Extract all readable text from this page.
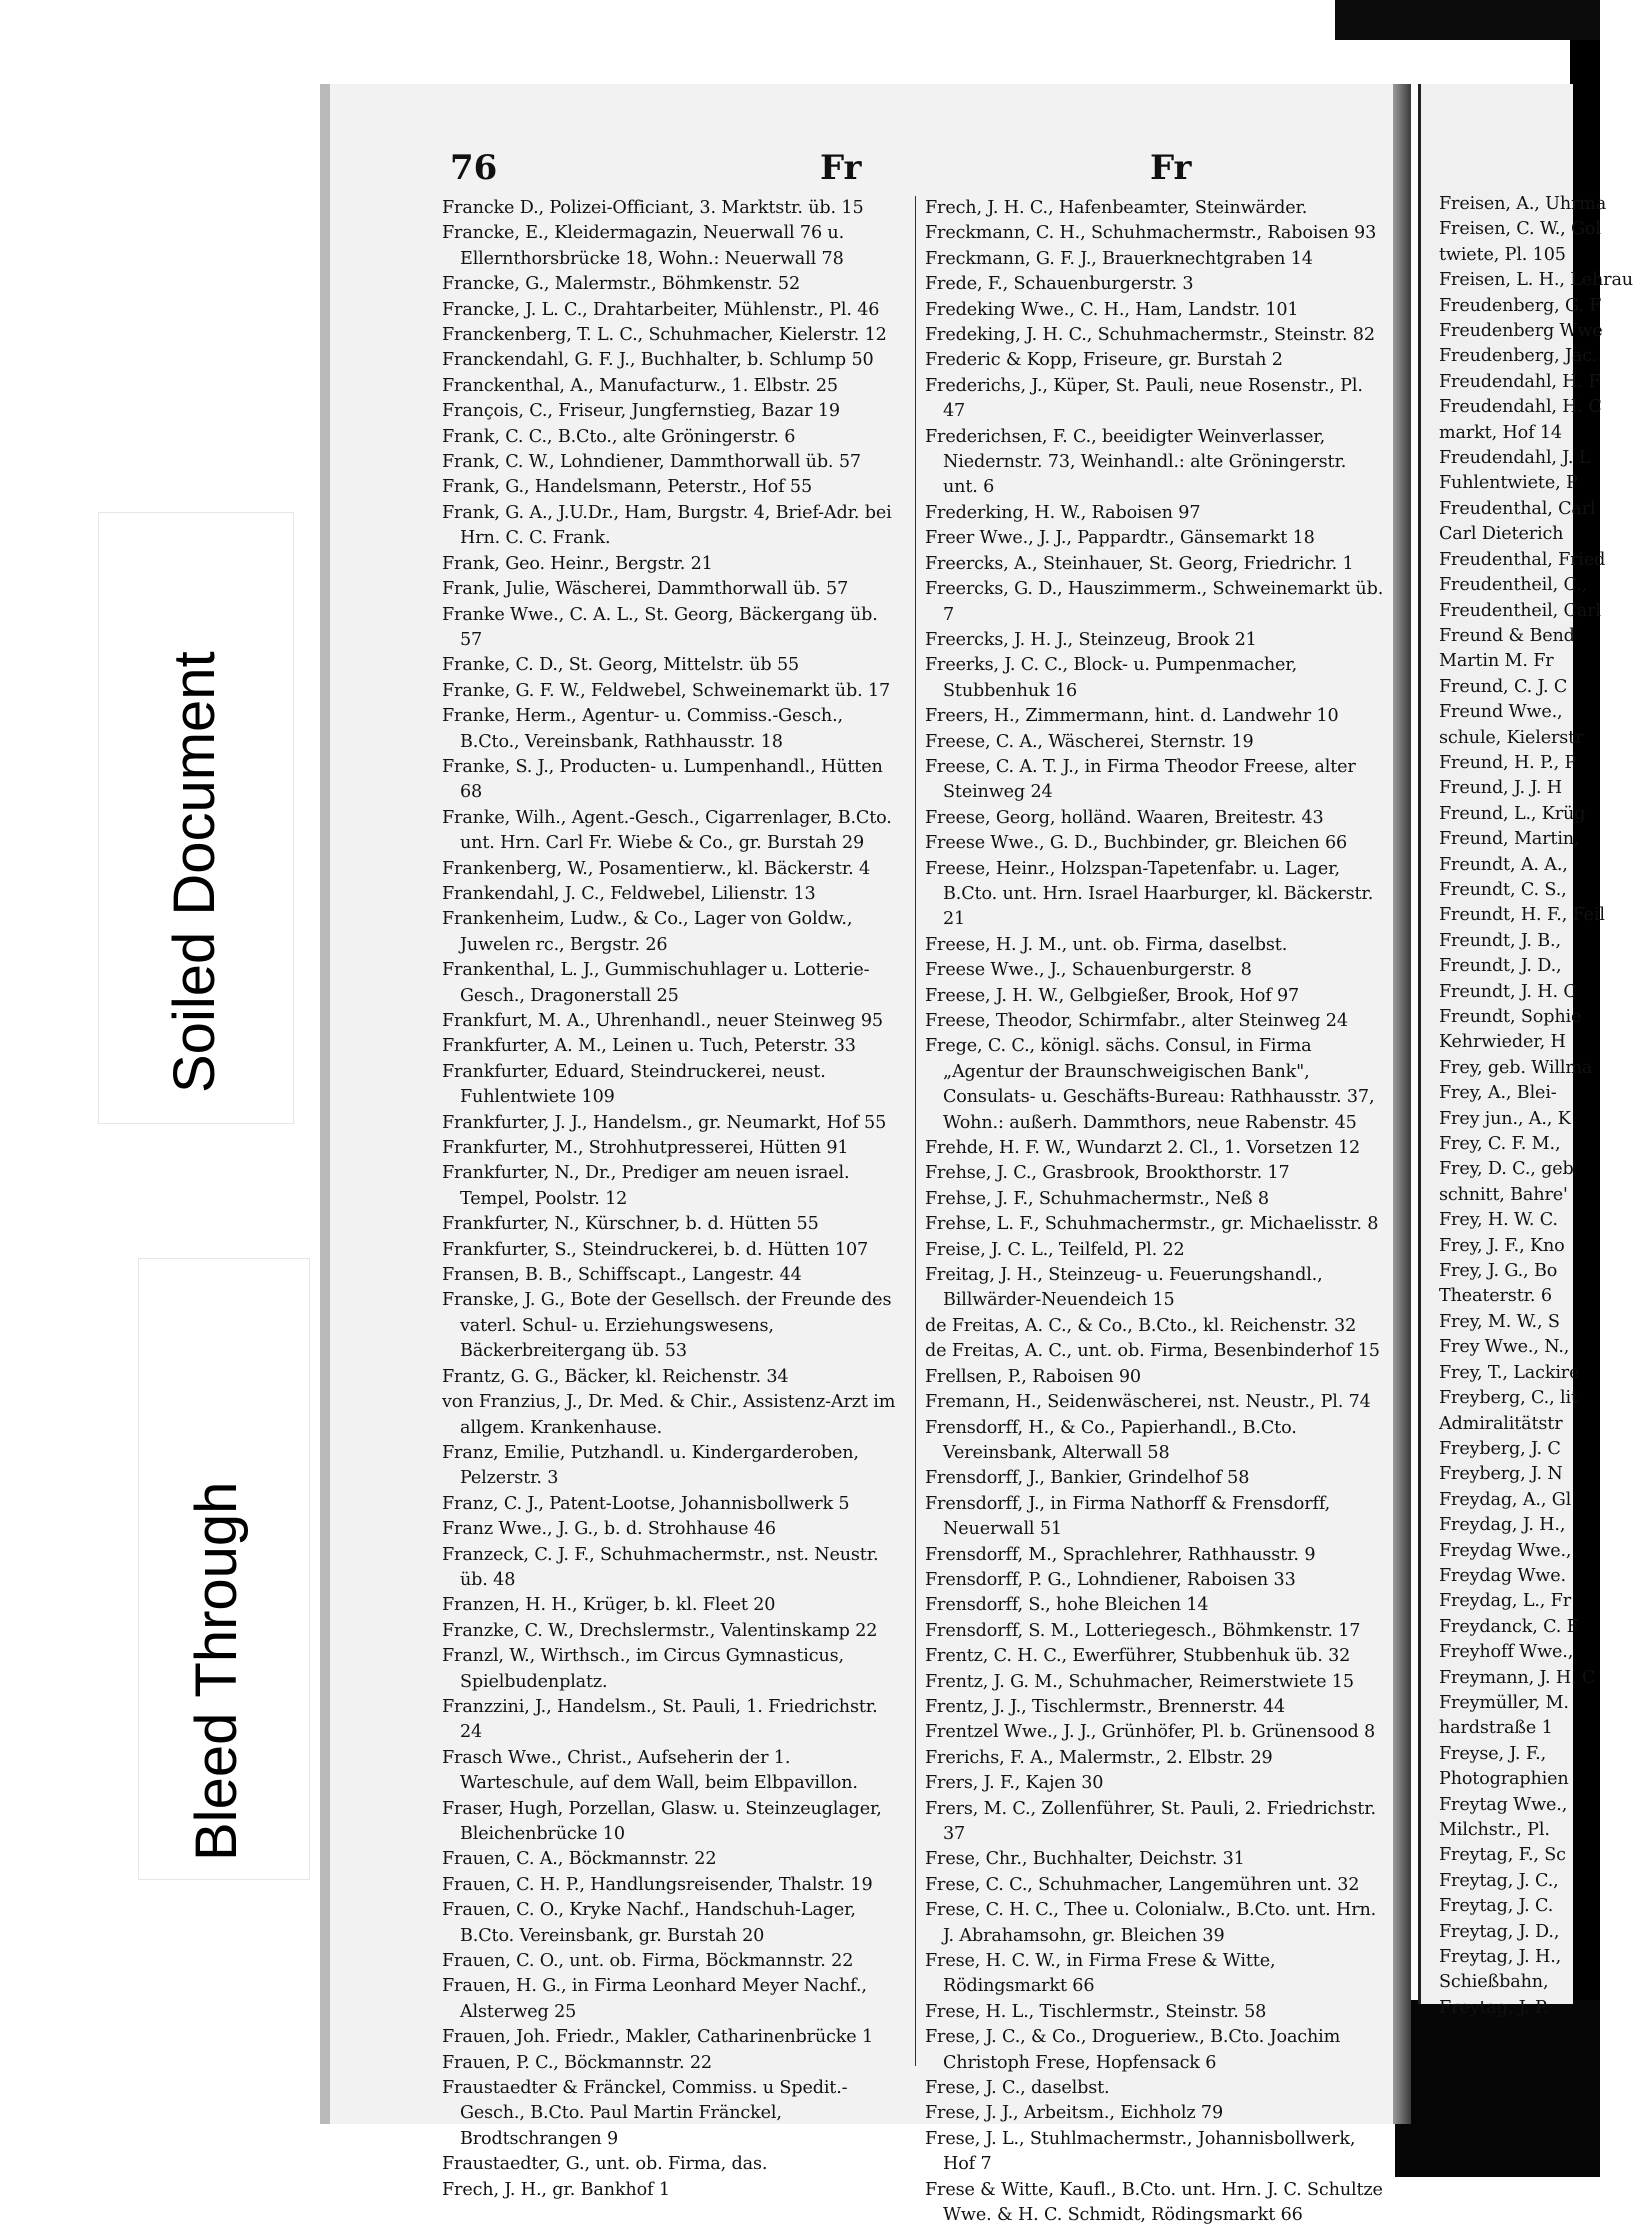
Soiled Document
Bleed Through
76	Fr	Fr

Francke D., Polizei-Officiant, 3. Marktstr. üb. 15

Francke, E., Kleidermagazin, Neuerwall 76 u. Ellernthorsbrücke 18, Wohn.: Neuerwall 78

Francke, G., Malermstr., Böhmkenstr. 52

Francke, J. L. C., Drahtarbeiter, Mühlenstr., Pl. 46

Franckenberg, T. L. C., Schuhmacher, Kielerstr. 12

Franckendahl, G. F. J., Buchhalter, b. Schlump 50

Franckenthal, A., Manufacturw., 1. Elbstr. 25

François, C., Friseur, Jungfernstieg, Bazar 19

Frank, C. C., B.Cto., alte Gröningerstr. 6

Frank, C. W., Lohndiener, Dammthorwall üb. 57

Frank, G., Handelsmann, Peterstr., Hof 55

Frank, G. A., J.U.Dr., Ham, Burgstr. 4, Brief-Adr. bei Hrn. C. C. Frank.

Frank, Geo. Heinr., Bergstr. 21

Frank, Julie, Wäscherei, Dammthorwall üb. 57

Franke Wwe., C. A. L., St. Georg, Bäckergang üb. 57

Franke, C. D., St. Georg, Mittelstr. üb 55

Franke, G. F. W., Feldwebel, Schweinemarkt üb. 17

Franke, Herm., Agentur- u. Commiss.-Gesch., B.Cto., Vereinsbank, Rathhausstr. 18

Franke, S. J., Producten- u. Lumpenhandl., Hütten 68

Franke, Wilh., Agent.-Gesch., Cigarrenlager, B.Cto. unt. Hrn. Carl Fr. Wiebe & Co., gr. Burstah 29

Frankenberg, W., Posamentierw., kl. Bäckerstr. 4

Frankendahl, J. C., Feldwebel, Lilienstr. 13

Frankenheim, Ludw., & Co., Lager von Goldw., Juwelen rc., Bergstr. 26

Frankenthal, L. J., Gummischuhlager u. Lotterie-Gesch., Dragonerstall 25

Frankfurt, M. A., Uhrenhandl., neuer Steinweg 95

Frankfurter, A. M., Leinen u. Tuch, Peterstr. 33

Frankfurter, Eduard, Steindruckerei, neust. Fuhlentwiete 109

Frankfurter, J. J., Handelsm., gr. Neumarkt, Hof 55

Frankfurter, M., Strohhutpresserei, Hütten 91

Frankfurter, N., Dr., Prediger am neuen israel. Tempel, Poolstr. 12

Frankfurter, N., Kürschner, b. d. Hütten 55

Frankfurter, S., Steindruckerei, b. d. Hütten 107

Fransen, B. B., Schiffscapt., Langestr. 44

Franske, J. G., Bote der Gesellsch. der Freunde des vaterl. Schul- u. Erziehungswesens, Bäckerbreitergang üb. 53

Frantz, G. G., Bäcker, kl. Reichenstr. 34

von Franzius, J., Dr. Med. & Chir., Assistenz-Arzt im allgem. Krankenhause.

Franz, Emilie, Putzhandl. u. Kindergarderoben, Pelzerstr. 3

Franz, C. J., Patent-Lootse, Johannisbollwerk 5

Franz Wwe., J. G., b. d. Strohhause 46

Franzeck, C. J. F., Schuhmachermstr., nst. Neustr. üb. 48

Franzen, H. H., Krüger, b. kl. Fleet 20

Franzke, C. W., Drechslermstr., Valentinskamp 22

Franzl, W., Wirthsch., im Circus Gymnasticus, Spielbudenplatz.

Franzzini, J., Handelsm., St. Pauli, 1. Friedrichstr. 24

Frasch Wwe., Christ., Aufseherin der 1. Warteschule, auf dem Wall, beim Elbpavillon.

Fraser, Hugh, Porzellan, Glasw. u. Steinzeuglager, Bleichenbrücke 10

Frauen, C. A., Böckmannstr. 22

Frauen, C. H. P., Handlungsreisender, Thalstr. 19

Frauen, C. O., Kryke Nachf., Handschuh-Lager, B.Cto. Vereinsbank, gr. Burstah 20

Frauen, C. O., unt. ob. Firma, Böckmannstr. 22

Frauen, H. G., in Firma Leonhard Meyer Nachf., Alsterweg 25

Frauen, Joh. Friedr., Makler, Catharinenbrücke 1

Frauen, P. C., Böckmannstr. 22

Fraustaedter & Fränckel, Commiss. u Spedit.-Gesch., B.Cto. Paul Martin Fränckel, Brodtschrangen 9

Fraustaedter, G., unt. ob. Firma, das.

Frech, J. H., gr. Bankhof 1

Frech, J. H. C., Hafenbeamter, Steinwärder.

Freckmann, C. H., Schuhmachermstr., Raboisen 93

Freckmann, G. F. J., Brauerknechtgraben 14

Frede, F., Schauenburgerstr. 3

Fredeking Wwe., C. H., Ham, Landstr. 101

Fredeking, J. H. C., Schuhmachermstr., Steinstr. 82

Frederic & Kopp, Friseure, gr. Burstah 2

Frederichs, J., Küper, St. Pauli, neue Rosenstr., Pl. 47

Frederichsen, F. C., beeidigter Weinverlasser, Niedernstr. 73, Weinhandl.: alte Gröningerstr. unt. 6

Frederking, H. W., Raboisen 97

Freer Wwe., J. J., Pappardtr., Gänsemarkt 18

Freercks, A., Steinhauer, St. Georg, Friedrichr. 1

Freercks, G. D., Hauszimmerm., Schweinemarkt üb. 7

Freercks, J. H. J., Steinzeug, Brook 21

Freerks, J. C. C., Block- u. Pumpenmacher, Stubbenhuk 16

Freers, H., Zimmermann, hint. d. Landwehr 10

Freese, C. A., Wäscherei, Sternstr. 19

Freese, C. A. T. J., in Firma Theodor Freese, alter Steinweg 24

Freese, Georg, holländ. Waaren, Breitestr. 43

Freese Wwe., G. D., Buchbinder, gr. Bleichen 66

Freese, Heinr., Holzspan-Tapetenfabr. u. Lager, B.Cto. unt. Hrn. Israel Haarburger, kl. Bäckerstr. 21

Freese, H. J. M., unt. ob. Firma, daselbst.

Freese Wwe., J., Schauenburgerstr. 8

Freese, J. H. W., Gelbgießer, Brook, Hof 97

Freese, Theodor, Schirmfabr., alter Steinweg 24

Frege, C. C., königl. sächs. Consul, in Firma „Agentur der Braunschweigischen Bank", Consulats- u. Geschäfts-Bureau: Rathhausstr. 37, Wohn.: außerh. Dammthors, neue Rabenstr. 45

Frehde, H. F. W., Wundarzt 2. Cl., 1. Vorsetzen 12

Frehse, J. C., Grasbrook, Brookthorstr. 17

Frehse, J. F., Schuhmachermstr., Neß 8

Frehse, L. F., Schuhmachermstr., gr. Michaelisstr. 8

Freise, J. C. L., Teilfeld, Pl. 22

Freitag, J. H., Steinzeug- u. Feuerungshandl., Billwärder-Neuendeich 15

de Freitas, A. C., & Co., B.Cto., kl. Reichenstr. 32

de Freitas, A. C., unt. ob. Firma, Besenbinderhof 15

Frellsen, P., Raboisen 90

Fremann, H., Seidenwäscherei, nst. Neustr., Pl. 74

Frensdorff, H., & Co., Papierhandl., B.Cto. Vereinsbank, Alterwall 58

Frensdorff, J., Bankier, Grindelhof 58

Frensdorff, J., in Firma Nathorff & Frensdorff, Neuerwall 51

Frensdorff, M., Sprachlehrer, Rathhausstr. 9

Frensdorff, P. G., Lohndiener, Raboisen 33

Frensdorff, S., hohe Bleichen 14

Frensdorff, S. M., Lotteriegesch., Böhmkenstr. 17

Frentz, C. H. C., Ewerführer, Stubbenhuk üb. 32

Frentz, J. G. M., Schuhmacher, Reimerstwiete 15

Frentz, J. J., Tischlermstr., Brennerstr. 44

Frentzel Wwe., J. J., Grünhöfer, Pl. b. Grünensood 8

Frerichs, F. A., Malermstr., 2. Elbstr. 29

Frers, J. F., Kajen 30

Frers, M. C., Zollenführer, St. Pauli, 2. Friedrichstr. 37

Frese, Chr., Buchhalter, Deichstr. 31

Frese, C. C., Schuhmacher, Langemühren unt. 32

Frese, C. H. C., Thee u. Colonialw., B.Cto. unt. Hrn. J. Abrahamsohn, gr. Bleichen 39

Frese, H. C. W., in Firma Frese & Witte, Rödingsmarkt 66

Frese, H. L., Tischlermstr., Steinstr. 58

Frese, J. C., & Co., Drogueriew., B.Cto. Joachim Christoph Frese, Hopfensack 6

Frese, J. C., daselbst.

Frese, J. J., Arbeitsm., Eichholz 79

Frese, J. L., Stuhlmachermstr., Johannisbollwerk, Hof 7

Frese & Witte, Kaufl., B.Cto. unt. Hrn. J. C. Schultze Wwe. & H. C. Schmidt, Rödingsmarkt 66

Freisen, A., Uhrma

Freisen, C. W., Gol

twiete, Pl. 105

Freisen, L. H., Lehrau

Freudenberg, G. F

Freudenberg Wwe

Freudenberg, Jac.

Freudendahl, H. F

Freudendahl, H. C

markt, Hof 14

Freudendahl, J. L

Fuhlentwiete, P

Freudenthal, Carl

Carl Dieterich

Freudenthal, Fried

Freudentheil, C.,

Freudentheil, Carl

Freund & Bend

Martin M. Fr

Freund, C. J. C

Freund Wwe.,

schule, Kielerstr

Freund, H. P., P

Freund, J. J. H

Freund, L., Krüg

Freund, Martin,

Freundt, A. A.,

Freundt, C. S.,

Freundt, H. F., Feil

Freundt, J. B.,

Freundt, J. D.,

Freundt, J. H. C

Freundt, Sophie

Kehrwieder, H

Frey, geb. Willma

Frey, A., Blei-

Frey jun., A., K

Frey, C. F. M.,

Frey, D. C., geb

schnitt, Bahre'

Frey, H. W. C.

Frey, J. F., Kno

Frey, J. G., Bo

Theaterstr. 6

Frey, M. W., S

Frey Wwe., N.,

Frey, T., Lackire

Freyberg, C., lit

Admiralitätstr

Freyberg, J. C

Freyberg, J. N

Freydag, A., Gl

Freydag, J. H.,

Freydag Wwe.,

Freydag Wwe.

Freydag, L., Fr

Freydanck, C. F

Freyhoff Wwe.,

Freymann, J. H. C

Freymüller, M.

hardstraße 1

Freyse, J. F.,

Photographien

Freytag Wwe.,

Milchstr., Pl.

Freytag, F., Sc

Freytag, J. C.,

Freytag, J. C.

Freytag, J. D.,

Freytag, J. H.,

Schießbahn,

Freytag, J. P.
